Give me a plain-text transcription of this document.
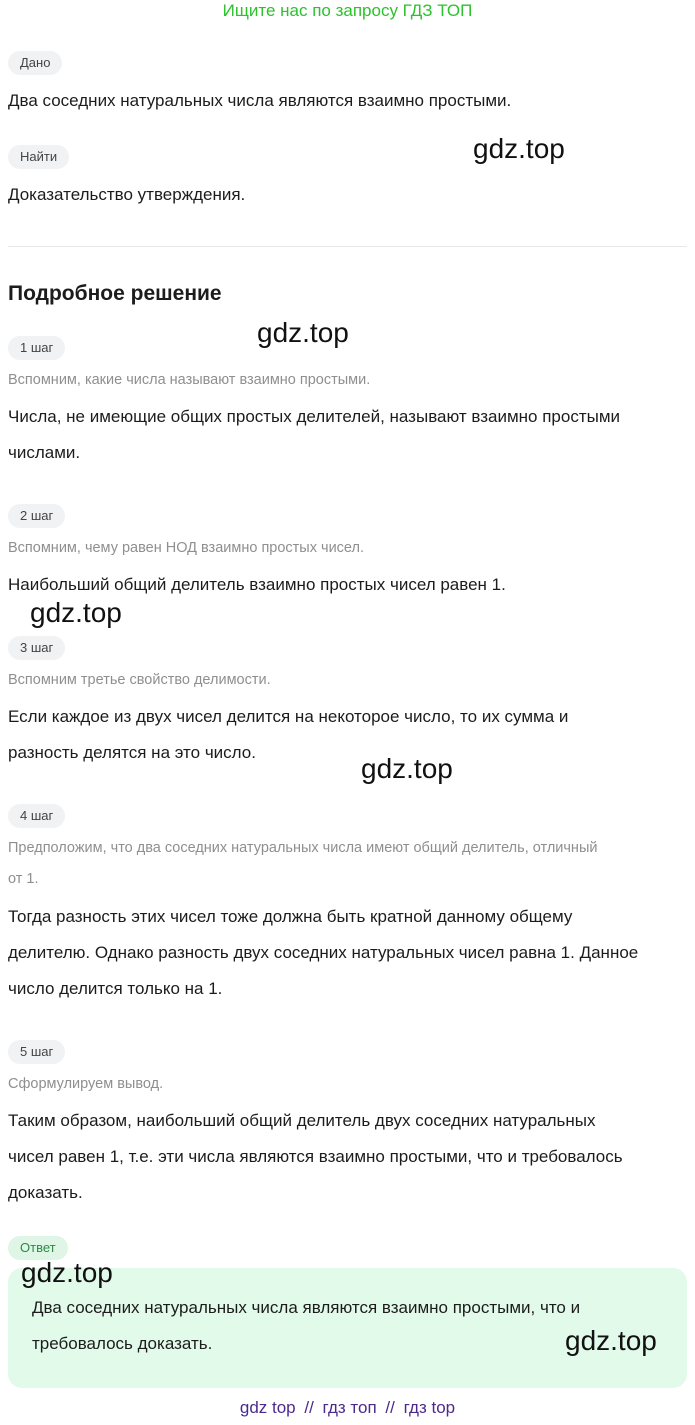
Ищите нас по запросу ГДЗ ТОП
Дано
Два соседних натуральных числа являются взаимно простыми.
Найти
Доказательство утверждения.
Подробное решение
1 шаг
Вспомним, какие числа называют взаимно простыми.
Числа, не имеющие общих простых делителей, называют взаимно простыми
числами.
2 шаг
Вспомним, чему равен НОД взаимно простых чисел.
Наибольший общий делитель взаимно простых чисел равен 1.
3 шаг
Вспомним третье свойство делимости.
Если каждое из двух чисел делится на некоторое число, то их сумма и
разность делятся на это число.
4 шаг
Предположим, что два соседних натуральных числа имеют общий делитель, отличный
от 1.
Тогда разность этих чисел тоже должна быть кратной данному общему
делителю. Однако разность двух соседних натуральных чисел равна 1. Данное
число делится только на 1.
5 шаг
Сформулируем вывод.
Таким образом, наибольший общий делитель двух соседних натуральных
чисел равен 1, т.е. эти числа являются взаимно простыми, что и требовалось
доказать.
Ответ
Два соседних натуральных числа являются взаимно простыми, что и
требовалось доказать.
gdz.top
gdz.top
gdz.top
gdz.top
gdz.top
gdz.top
gdz top // гдз топ // гдз top
